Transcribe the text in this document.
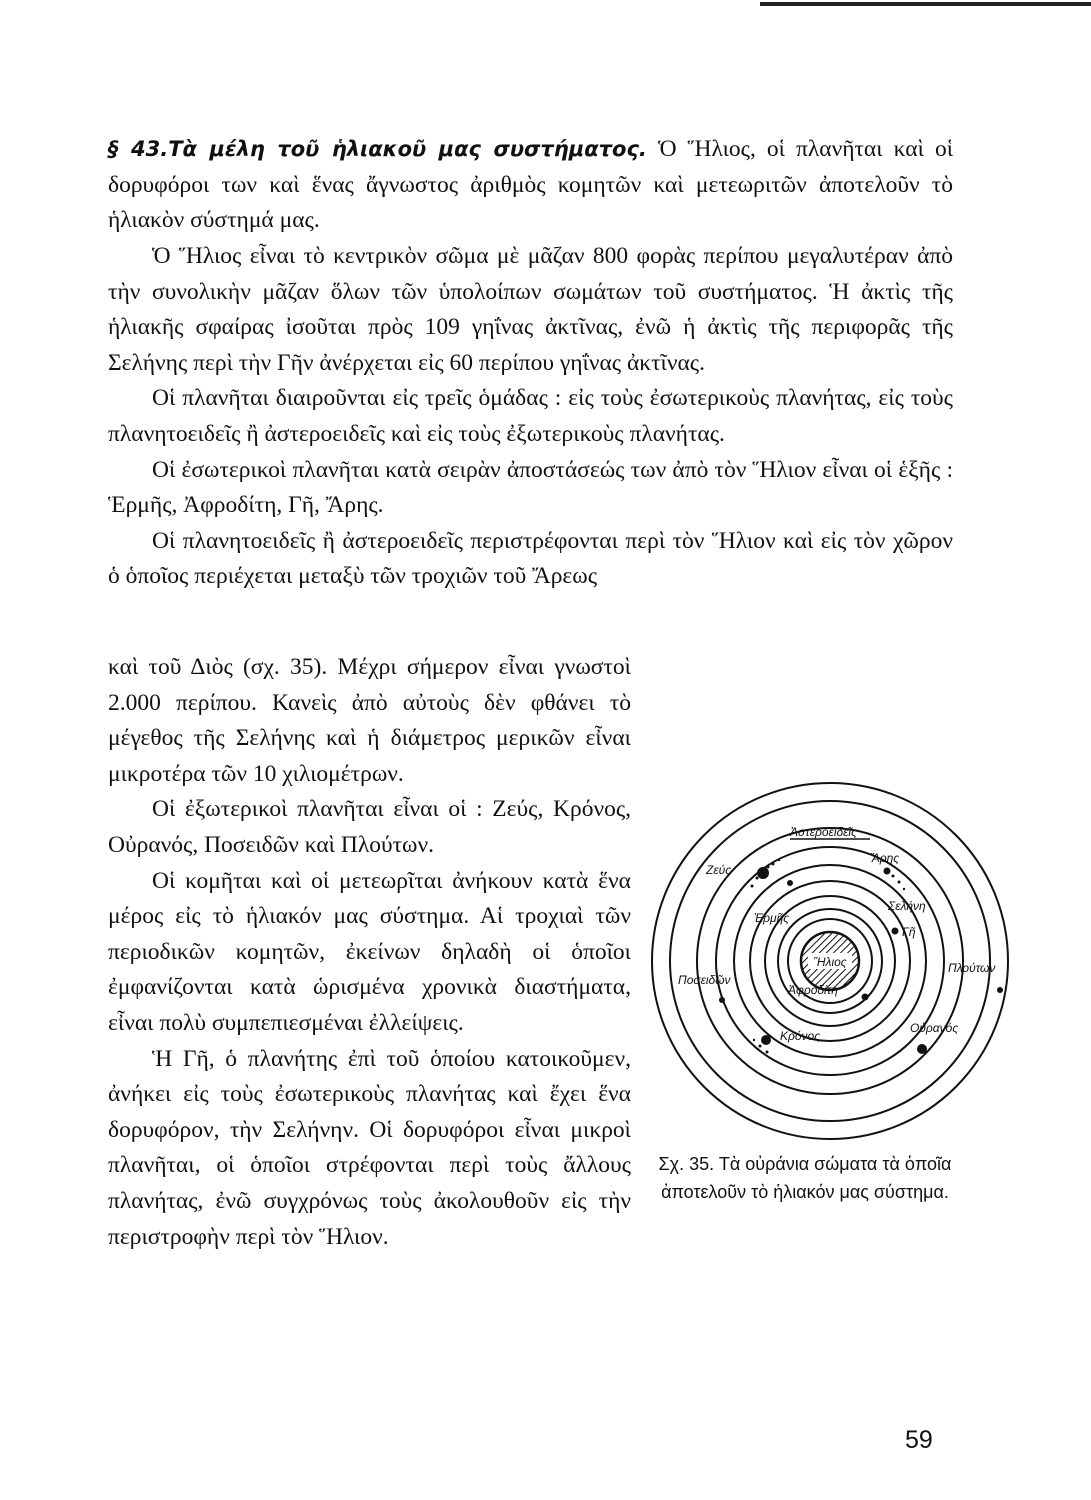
§ 43.Τὰ μέλη τοῦ ἡλιακοῦ μας συστήματος. Ὁ Ἥλιος, οἱ πλανῆται καὶ οἱ δορυφόροι των καὶ ἕνας ἄγνωστος ἀριθμὸς κομητῶν καὶ μετεωριτῶν ἀποτελοῦν τὸ ἡλιακὸν σύστημά μας.

Ὁ Ἥλιος εἶναι τὸ κεντρικὸν σῶμα μὲ μᾶζαν 800 φορὰς περίπου μεγαλυτέραν ἀπὸ τὴν συνολικὴν μᾶζαν ὅλων τῶν ὑπολοίπων σωμάτων τοῦ συστήματος. Ἡ ἀκτὶς τῆς ἡλιακῆς σφαίρας ἰσοῦται πρὸς 109 γηΐνας ἀκτῖνας, ἐνῶ ἡ ἀκτὶς τῆς περιφορᾶς τῆς Σελήνης περὶ τὴν Γῆν ἀνέρχεται εἰς 60 περίπου γηΐνας ἀκτῖνας.

Οἱ πλανῆται διαιροῦνται εἰς τρεῖς ὁμάδας : εἰς τοὺς ἐσωτερικοὺς πλανήτας, εἰς τοὺς πλανητοειδεῖς ἢ ἀστεροειδεῖς καὶ εἰς τοὺς ἐξωτερικοὺς πλανήτας.

Οἱ ἐσωτερικοὶ πλανῆται κατὰ σειρὰν ἀποστάσεώς των ἀπὸ τὸν Ἥλιον εἶναι οἱ ἑξῆς : Ἑρμῆς, Ἀφροδίτη, Γῆ, Ἄρης.

Οἱ πλανητοειδεῖς ἢ ἀστεροειδεῖς περιστρέφονται περὶ τὸν Ἥλιον καὶ εἰς τὸν χῶρον ὁ ὁποῖος περιέχεται μεταξὺ τῶν τροχιῶν τοῦ Ἄρεως

καὶ τοῦ Διὸς (σχ. 35). Μέχρι σήμερον εἶναι γνωστοὶ 2.000 περίπου. Κανεὶς ἀπὸ αὐτοὺς δὲν φθάνει τὸ μέγεθος τῆς Σελήνης καὶ ἡ διάμετρος μερικῶν εἶναι μικροτέρα τῶν 10 χιλιομέτρων.

Οἱ ἐξωτερικοὶ πλανῆται εἶναι οἱ : Ζεύς, Κρόνος, Οὐρανός, Ποσειδῶν καὶ Πλούτων.

Οἱ κομῆται καὶ οἱ μετεωρῖται ἀνήκουν κατὰ ἕνα μέρος εἰς τὸ ἡλιακόν μας σύστημα. Αἱ τροχιαὶ τῶν περιοδικῶν κομητῶν, ἐκείνων δηλαδὴ οἱ ὁποῖοι ἐμφανίζονται κατὰ ὡρισμένα χρονικὰ διαστήματα, εἶναι πολὺ συμπεπιεσμέναι ἐλλείψεις.

Ἡ Γῆ, ὁ πλανήτης ἐπὶ τοῦ ὁποίου κατοικοῦμεν, ἀνήκει εἰς τοὺς ἐσωτερικοὺς πλανήτας καὶ ἔχει ἕνα δορυφόρον, τὴν Σελήνην. Οἱ δορυφόροι εἶναι μικροὶ πλανῆται, οἱ ὁποῖοι στρέφονται περὶ τοὺς ἄλλους πλανήτας, ἐνῶ συγχρόνως τοὺς ἀκολουθοῦν εἰς τὴν περιστροφὴν περὶ τὸν Ἥλιον.

Ἥλιος
Ἀστεροειδεῖς
Ζεύς
Ἄρης
Ἑρμῆς
Σελήνη
Γῆ
Ποσειδῶν
Πλούτων
Ἀφροδίτη
Οὐρανός
Κρόνος
Σχ. 35. Τὰ οὐράνια σώματα τὰ ὁποῖα ἀποτελοῦν τὸ ἡλιακόν μας σύστημα.
59
